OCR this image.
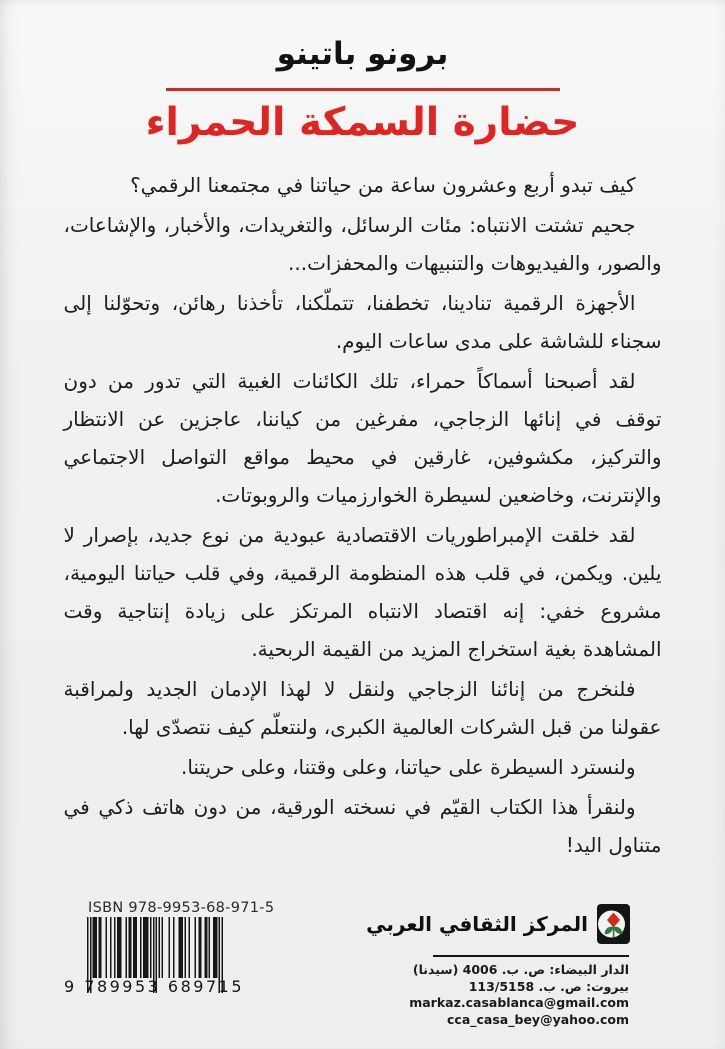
برونو باتينو
حضارة السمكة الحمراء

كيف تبدو أربع وعشرون ساعة من حياتنا في مجتمعنا الرقمي؟

جحيم تشتت الانتباه: مئات الرسائل، والتغريدات، والأخبار، والإشاعات، والصور، والفيديوهات والتنبيهات والمحفزات...

الأجهزة الرقمية تنادينا، تخطفنا، تتملّكنا، تأخذنا رهائن، وتحوّلنا إلى سجناء للشاشة على مدى ساعات اليوم.

لقد أصبحنا أسماكاً حمراء، تلك الكائنات الغبية التي تدور من دون توقف في إنائها الزجاجي، مفرغين من كياننا، عاجزين عن الانتظار والتركيز، مكشوفين، غارقين في محيط مواقع التواصل الاجتماعي والإنترنت، وخاضعين لسيطرة الخوارزميات والروبوتات.

لقد خلقت الإمبراطوريات الاقتصادية عبودية من نوع جديد، بإصرار لا يلين. ويكمن، في قلب هذه المنظومة الرقمية، وفي قلب حياتنا اليومية، مشروع خفي: إنه اقتصاد الانتباه المرتكز على زيادة إنتاجية وقت المشاهدة بغية استخراج المزيد من القيمة الربحية.

فلنخرج من إنائنا الزجاجي ولنقل لا لهذا الإدمان الجديد ولمراقبة عقولنا من قبل الشركات العالمية الكبرى، ولنتعلّم كيف نتصدّى لها.

ولنسترد السيطرة على حياتنا، وعلى وقتنا، وعلى حريتنا.

ولنقرأ هذا الكتاب القيّم في نسخته الورقية، من دون هاتف ذكي في متناول اليد!

ISBN 978-9953-68-971-5
9 789953 689715
المركز الثقافي العربي
الدار البيضاء: ص. ب. 4006 (سيدنا)
بيروت: ص. ب. 113/5158
markaz.casablanca@gmail.com
cca_casa_bey@yahoo.com
